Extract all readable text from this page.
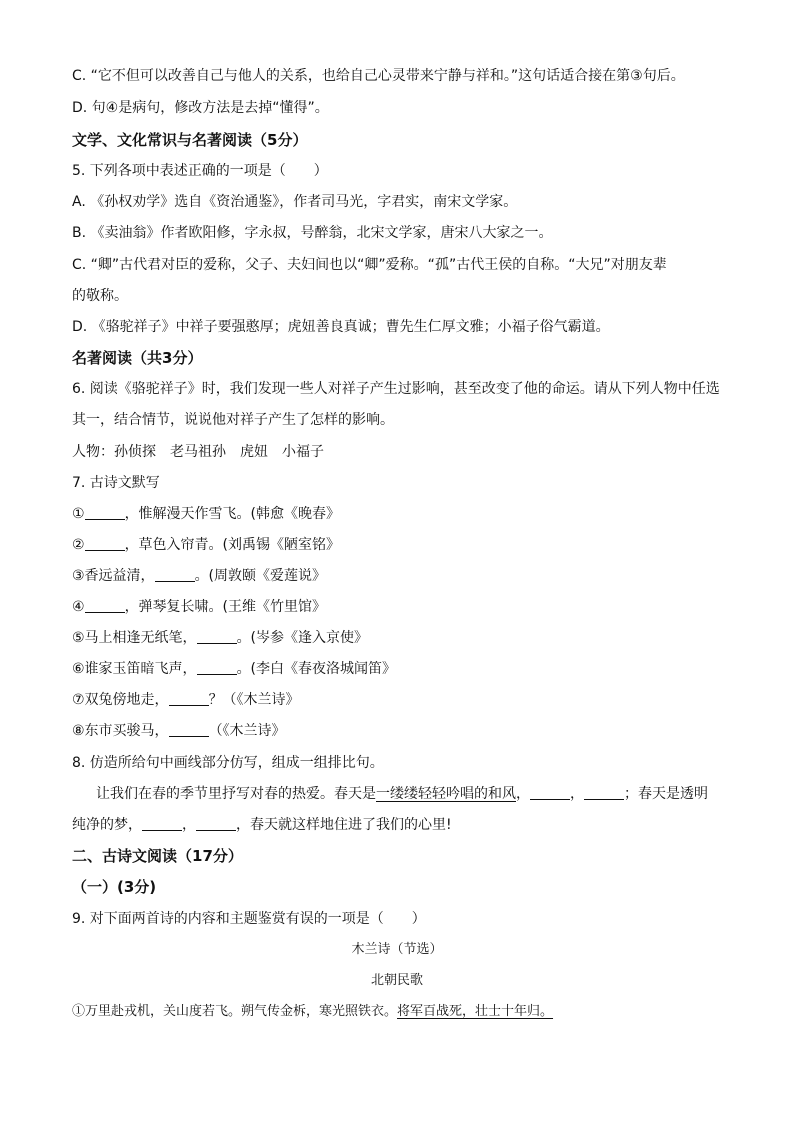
C. “它不但可以改善自己与他人的关系，也给自己心灵带来宁静与祥和。”这句话适合接在第③句后。
D. 句④是病句，修改方法是去掉“懂得”。
文学、文化常识与名著阅读（5分）
5. 下列各项中表述正确的一项是（　　）
A. 《孙权劝学》选自《资治通鉴》，作者司马光，字君实，南宋文学家。
B. 《卖油翁》作者欧阳修，字永叔，号醉翁，北宋文学家，唐宋八大家之一。
C. “卿”古代君对臣的爱称，父子、夫妇间也以“卿”爱称。“孤”古代王侯的自称。“大兄”对朋友辈
的敬称。
D. 《骆驼祥子》中祥子要强憨厚；虎妞善良真诚；曹先生仁厚文雅；小福子俗气霸道。
名著阅读（共3分）
6. 阅读《骆驼祥子》时，我们发现一些人对祥子产生过影响，甚至改变了他的命运。请从下列人物中任选
其一，结合情节，说说他对祥子产生了怎样的影响。
人物：孙侦探　老马祖孙　虎妞　小福子
7. 古诗文默写
①	，惟解漫天作雪飞。(韩愈《晚春》
②	，草色入帘青。(刘禹锡《陋室铭》
③香远益清，	。(周敦颐《爱莲说》
④	，弹琴复长啸。(王维《竹里馆》
⑤马上相逢无纸笔，	。(岑参《逢入京使》
⑥谁家玉笛暗飞声，	。(李白《春夜洛城闻笛》
⑦双兔傍地走，	？（《木兰诗》
⑧东市买骏马，	（《木兰诗》
8. 仿造所给句中画线部分仿写，组成一组排比句。
让我们在春的季节里抒写对春的热爱。春天是一缕缕轻轻吟唱的和风，	，	；春天是透明
纯净的梦，	，	，春天就这样地住进了我们的心里!
二、古诗文阅读（17分）
（一）(3分)
9. 对下面两首诗的内容和主题鉴赏有误的一项是（　　）
木兰诗（节选）
北朝民歌
①万里赴戎机，关山度若飞。朔气传金柝，寒光照铁衣。将军百战死，壮士十年归。
